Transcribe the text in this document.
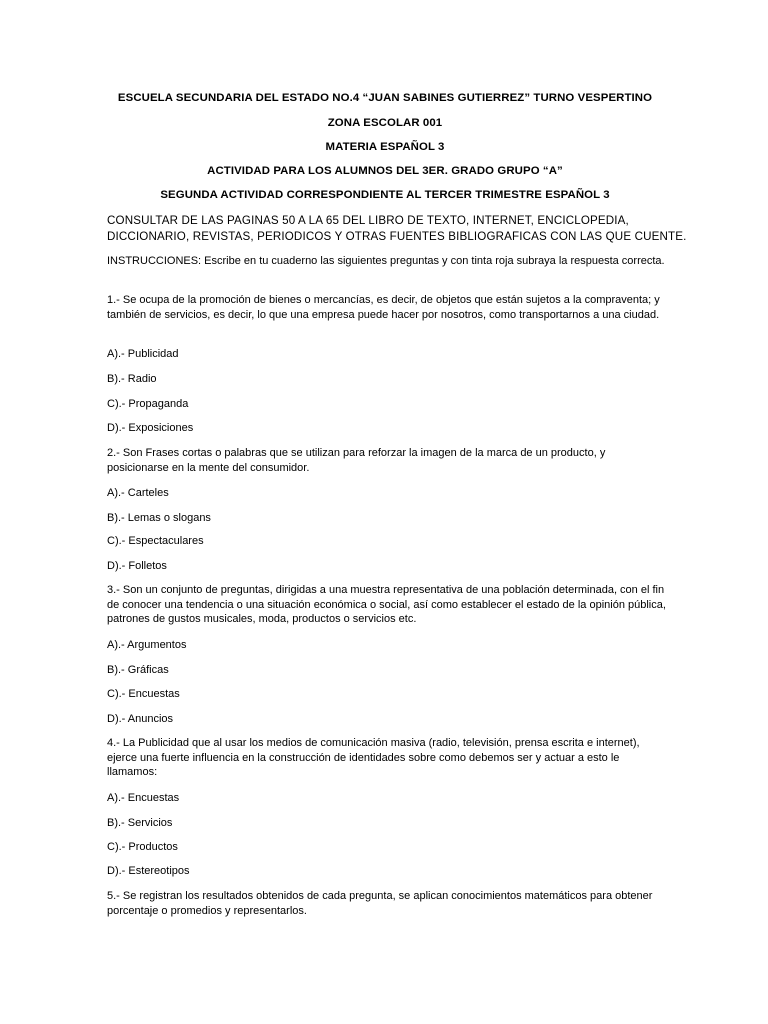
ESCUELA SECUNDARIA DEL ESTADO NO.4 “JUAN SABINES GUTIERREZ” TURNO VESPERTINO
ZONA ESCOLAR 001
MATERIA ESPAÑOL 3
ACTIVIDAD PARA LOS ALUMNOS DEL 3ER. GRADO GRUPO “A”
SEGUNDA ACTIVIDAD CORRESPONDIENTE AL TERCER TRIMESTRE ESPAÑOL 3
CONSULTAR DE LAS PAGINAS 50 A LA 65 DEL LIBRO DE TEXTO, INTERNET, ENCICLOPEDIA, DICCIONARIO, REVISTAS, PERIODICOS Y OTRAS FUENTES BIBLIOGRAFICAS CON LAS QUE CUENTE.
INSTRUCCIONES: Escribe en tu cuaderno las siguientes preguntas y con tinta roja subraya la respuesta correcta.
1.- Se ocupa de la promoción de bienes o mercancías, es decir, de objetos que están sujetos a la compraventa; y también de servicios, es decir, lo que una empresa puede hacer por nosotros, como transportarnos a una ciudad.
A).- Publicidad
B).- Radio
C).- Propaganda
D).- Exposiciones
2.- Son Frases cortas o palabras que se utilizan para reforzar la imagen de la marca de un producto, y posicionarse en la mente del consumidor.
A).- Carteles
B).- Lemas o slogans
C).- Espectaculares
D).- Folletos
3.- Son un conjunto de preguntas, dirigidas a una muestra representativa de una población determinada, con el fin de conocer una tendencia o una situación económica o social, así como establecer el estado de la opinión pública, patrones de gustos musicales, moda, productos o servicios etc.
A).- Argumentos
B).- Gráficas
C).- Encuestas
D).- Anuncios
4.- La Publicidad que al usar los medios de comunicación masiva (radio, televisión, prensa escrita e internet), ejerce una fuerte influencia en la construcción de identidades sobre como debemos ser y actuar a esto le llamamos:
A).- Encuestas
B).- Servicios
C).- Productos
D).- Estereotipos
5.- Se registran los resultados obtenidos de cada pregunta, se aplican conocimientos matemáticos para obtener porcentaje o promedios y representarlos.
